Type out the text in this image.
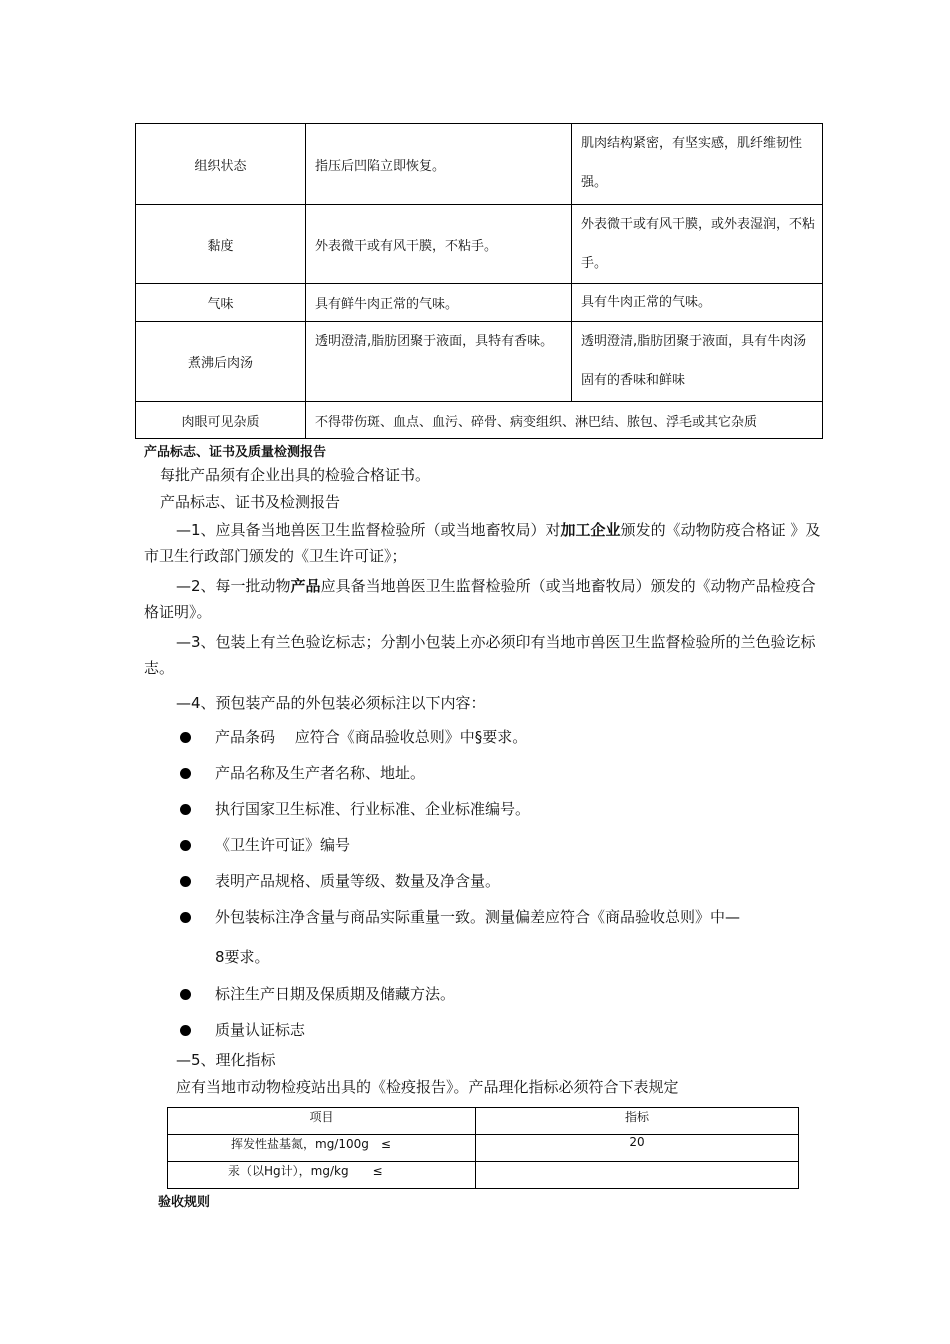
组织状态	指压后凹陷立即恢复。	肌肉结构紧密，有坚实感，肌纤维韧性强。
黏度	外表微干或有风干膜，不粘手。	外表微干或有风干膜，或外表湿润，不粘手。
气味	具有鲜牛肉正常的气味。	具有牛肉正常的气味。
煮沸后肉汤	透明澄清,脂肪团聚于液面，具特有香味。	透明澄清,脂肪团聚于液面，具有牛肉汤固有的香味和鲜味
肉眼可见杂质	不得带伤斑、血点、血污、碎骨、病变组织、淋巴结、脓包、浮毛或其它杂质	
产品标志、证书及质量检测报告
每批产品须有企业出具的检验合格证书。
产品标志、证书及检测报告
—1、应具备当地兽医卫生监督检验所（或当地畜牧局）对加工企业颁发的《动物防疫合格证 》及市卫生行政部门颁发的《卫生许可证》；
—2、每一批动物产品应具备当地兽医卫生监督检验所（或当地畜牧局）颁发的《动物产品检疫合格证明》。
—3、包装上有兰色验讫标志；分割小包装上亦必须印有当地市兽医卫生监督检验所的兰色验讫标志。
—4、预包装产品的外包装必须标注以下内容：
产品条码　 应符合《商品验收总则》中§要求。
产品名称及生产者名称、地址。
执行国家卫生标准、行业标准、企业标准编号。
《卫生许可证》编号
表明产品规格、质量等级、数量及净含量。
外包装标注净含量与商品实际重量一致。测量偏差应符合《商品验收总则》中—
8要求。
标注生产日期及保质期及储藏方法。
质量认证标志
—5、理化指标
应有当地市动物检疫站出具的《检疫报告》。产品理化指标必须符合下表规定
项目	指标
挥发性盐基氮，mg/100g　≤	20
汞（以Hg计），mg/kg　　≤	
验收规则
